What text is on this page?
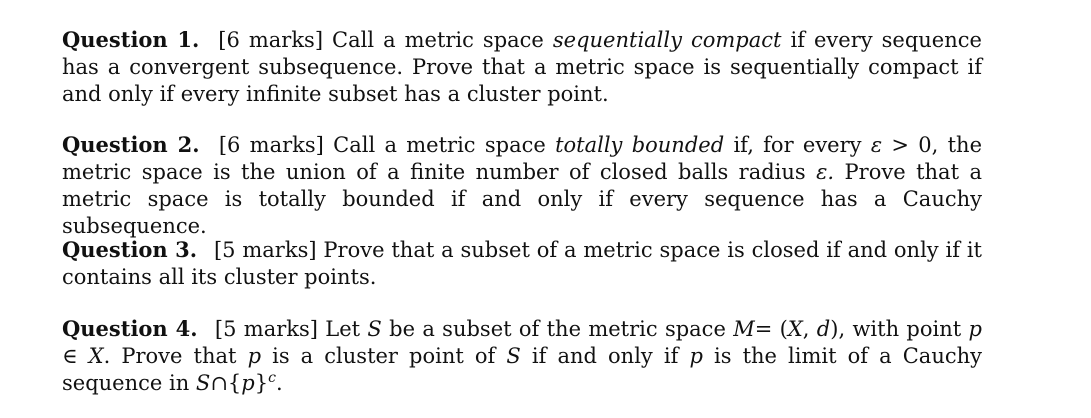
Question 1. [6 marks] Call a metric space sequentially compact if every sequence has a convergent subsequence. Prove that a metric space is sequentially compact if and only if every infinite subset has a cluster point.
Question 2. [6 marks] Call a metric space totally bounded if, for every ε > 0, the metric space is the union of a finite number of closed balls radius ε. Prove that a metric space is totally bounded if and only if every sequence has a Cauchy subsequence.
Question 3. [5 marks] Prove that a subset of a metric space is closed if and only if it contains all its cluster points.
Question 4. [5 marks] Let S be a subset of the metric space M= (X, d), with point p ∈ X. Prove that p is a cluster point of S if and only if p is the limit of a Cauchy sequence in $S\cap\{p\}^c$.
